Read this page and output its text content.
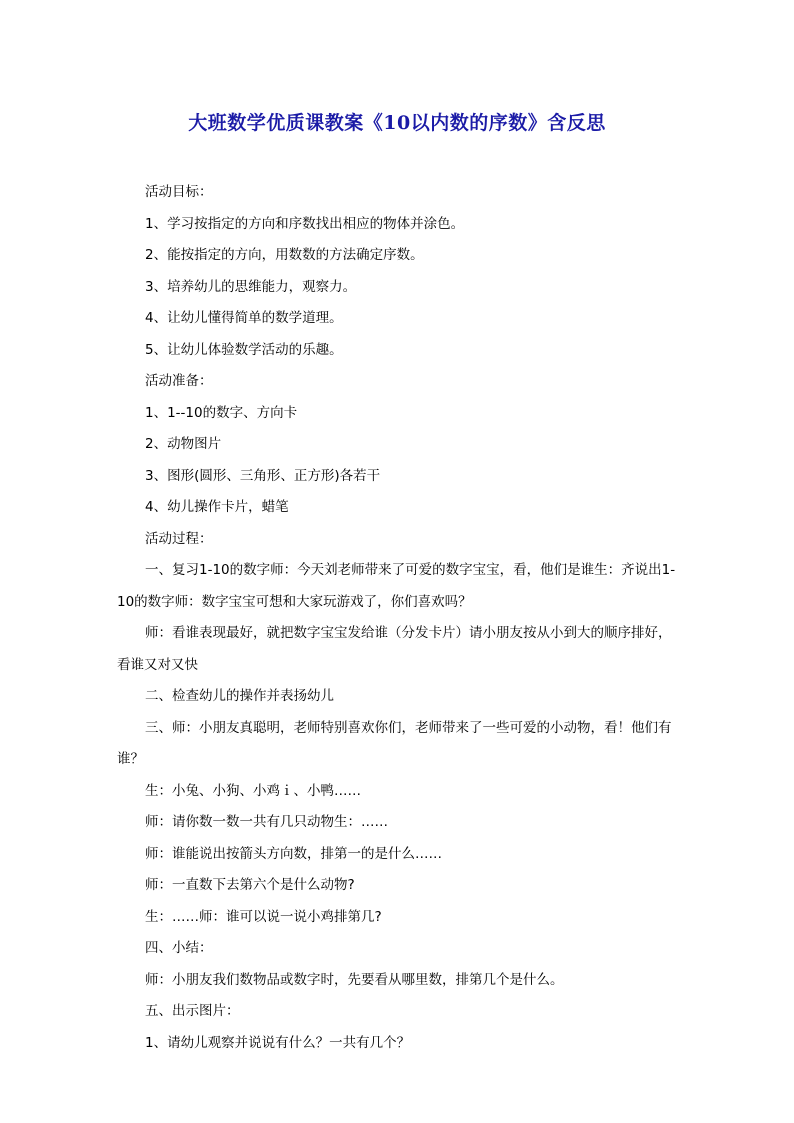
大班数学优质课教案《10以内数的序数》含反思

活动目标：

1、学习按指定的方向和序数找出相应的物体并涂色。

2、能按指定的方向，用数数的方法确定序数。

3、培养幼儿的思维能力，观察力。

4、让幼儿懂得简单的数学道理。

5、让幼儿体验数学活动的乐趣。

活动准备：

1、1--10的数字、方向卡

2、动物图片

3、图形(圆形、三角形、正方形)各若干

4、幼儿操作卡片，蜡笔

活动过程：

一、复习1-10的数字师：今天刘老师带来了可爱的数字宝宝，看，他们是谁生：齐说出1-10的数字师：数字宝宝可想和大家玩游戏了，你们喜欢吗？

师：看谁表现最好，就把数字宝宝发给谁（分发卡片）请小朋友按从小到大的顺序排好，看谁又对又快

二、检查幼儿的操作并表扬幼儿

三、师：小朋友真聪明，老师特别喜欢你们，老师带来了一些可爱的小动物，看！他们有谁？

生：小兔、小狗、小鸡ｉ、小鸭……

师：请你数一数一共有几只动物生：……

师：谁能说出按箭头方向数，排第一的是什么……

师：一直数下去第六个是什么动物?

生：……师：谁可以说一说小鸡排第几?

四、小结：

师：小朋友我们数物品或数字时，先要看从哪里数，排第几个是什么。

五、出示图片：

1、请幼儿观察并说说有什么？一共有几个？
